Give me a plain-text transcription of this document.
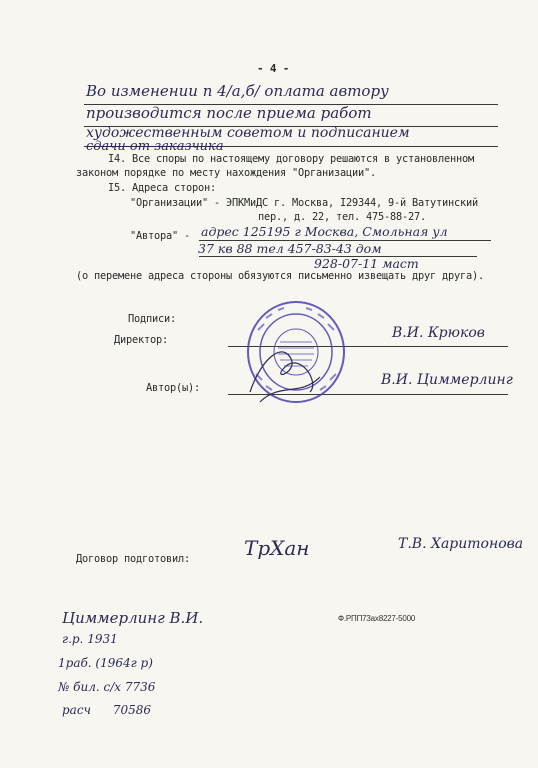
- 4 -
Во изменении п 4/а,б/ оплата автору
производится после приема работ
художественным советом и подписанием
сдачи от заказчика
I4. Все споры по настоящему договору решаются в установленном
законом порядке по месту нахождения "Организации".
I5. Адреса сторон:
"Организации" - ЭПКМиДС г. Москва, I29344, 9-й Ватутинский
пер., д. 22, тел. 475-88-27.
"Автора" - адрес 125195 г Москва, Смольная ул
37 кв 88 тел 457-83-43 дом
928-07-11 маст
(о перемене адреса стороны обязуются письменно извещать друг друга).
Подписи:
Директор:	В.И. Крюков
Автор(ы):	В.И. Циммерлинг
Договор подготовил:	ТрХан	Т.В. Харитонова
Ф.РПП73ах8227-5000
Циммерлинг В.И.
г.р. 1931
1раб. (1964г р)
№ бил. с/х 7736
расч 70586
